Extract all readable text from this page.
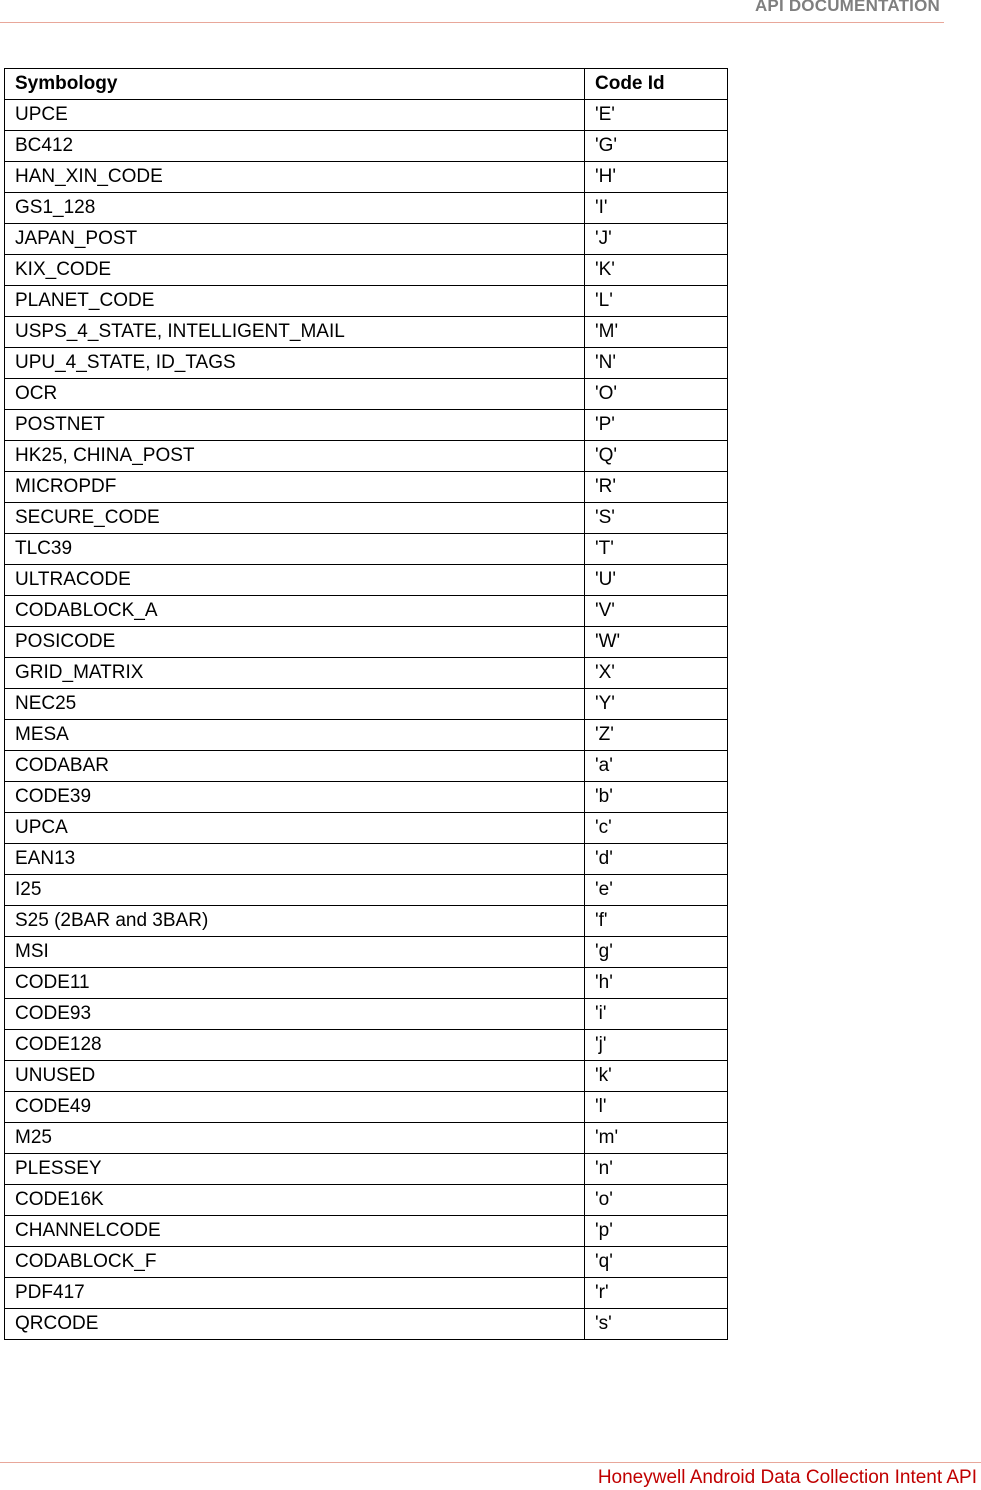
API DOCUMENTATION
Symbology	Code Id
UPCE	'E'
BC412	'G'
HAN_XIN_CODE	'H'
GS1_128	'I'
JAPAN_POST	'J'
KIX_CODE	'K'
PLANET_CODE	'L'
USPS_4_STATE, INTELLIGENT_MAIL	'M'
UPU_4_STATE, ID_TAGS	'N'
OCR	'O'
POSTNET	'P'
HK25, CHINA_POST	'Q'
MICROPDF	'R'
SECURE_CODE	'S'
TLC39	'T'
ULTRACODE	'U'
CODABLOCK_A	'V'
POSICODE	'W'
GRID_MATRIX	'X'
NEC25	'Y'
MESA	'Z'
CODABAR	'a'
CODE39	'b'
UPCA	'c'
EAN13	'd'
I25	'e'
S25 (2BAR and 3BAR)	'f'
MSI	'g'
CODE11	'h'
CODE93	'i'
CODE128	'j'
UNUSED	'k'
CODE49	'l'
M25	'm'
PLESSEY	'n'
CODE16K	'o'
CHANNELCODE	'p'
CODABLOCK_F	'q'
PDF417	'r'
QRCODE	's'
Honeywell Android Data Collection Intent API
